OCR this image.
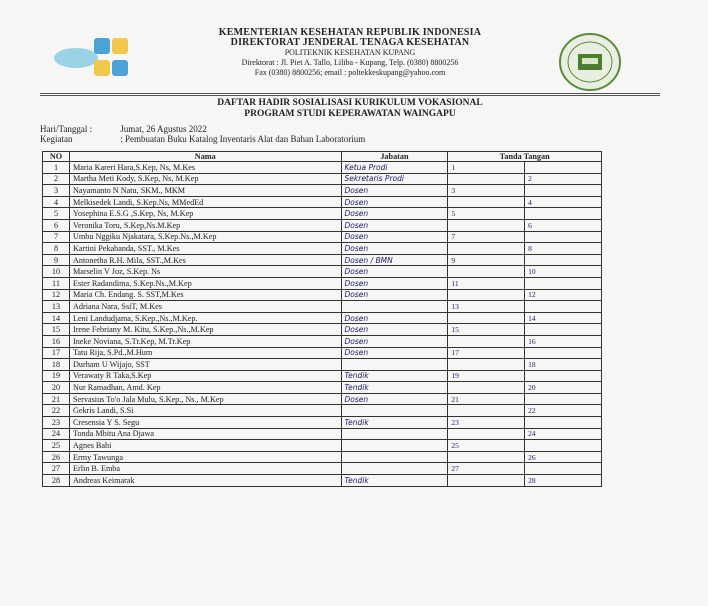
KEMENTERIAN KESEHATAN REPUBLIK INDONESIA
DIREKTORAT JENDERAL TENAGA KESEHATAN
POLITEKNIK KESEHATAN KUPANG
Direktorat : Jl. Piet A. Tallo, Liliba - Kupang, Telp. (0380) 8800256
Fax (0380) 8800256; email : poltekkeskupang@yahoo.com
DAFTAR HADIR SOSIALISASI KURIKULUM VOKASIONAL
PROGRAM STUDI KEPERAWATAN WAINGAPU
Hari/Tanggal :	Jumat, 26 Agustus 2022
Kegiatan	: Pembuatan Buku Katalog Inventaris Alat dan Bahan Laboratorium
NO	Nama	Jabatan	Tanda Tangan	
1	Maria Kareri Hara,S.Kep, Ns, M.Kes	Ketua Prodi	1	
2	Martha Meti Kody, S.Kep, Ns, M.Kep	Sekretaris Prodi		2
3	Nayamanto N Natu, SKM., MKM	Dosen	3	
4	Melkisedek Landi, S.Kep.Ns, MMedEd	Dosen		4
5	Yosephina E.S.G ,S.Kep, Ns, M.Kep	Dosen	5	
6	Veronika Toru, S.Kep,Ns.M.Kep	Dosen		6
7	Umbu Nggiku Njakatara, S.Kep.Ns.,M.Kep	Dosen	7	
8	Kartini Pekabanda, SST., M.Kes	Dosen		8
9	Antonetha R.H. Mila, SST.,M.Kes	Dosen / BMN	9	
10	Marselin V Joz, S.Kep. Ns	Dosen		10
11	Ester Radandima, S.Kep.Ns.,M.Kep	Dosen	11	
12	Maria Ch. Endang. S. SST,M.Kes	Dosen		12
13	Adriana Nara, SsiT, M.Kes		13	
14	Leni Landudjama, S.Kep.,Ns.,M.Kep.	Dosen		14
15	Irene Febriany M. Kitu, S.Kep.,Ns.,M.Kep	Dosen	15	
16	Ineke Noviana, S.Tr.Kep, M.Tr.Kep	Dosen		16
17	Tatu Rija, S.Pd.,M.Hum	Dosen	17	
18	Durham U Wijajo, SST			18
19	Verawaty R Taka,S.Kep	Tendik	19	
20	Nur Ramadhan, Amd. Kep	Tendik		20
21	Servasius To'o Jala Mulu, S.Kep., Ns., M.Kep	Dosen	21	
22	Gekris Landi, S.Si			22
23	Cresensia Y S. Segu	Tendik	23	
24	Tonda Mbitu Ana Djawa			24
25	Agnes Bahi		25	
26	Ermy Tawunga			26
27	Erlin B. Emba		27	
28	Andreas Keimarak	Tendik		28
